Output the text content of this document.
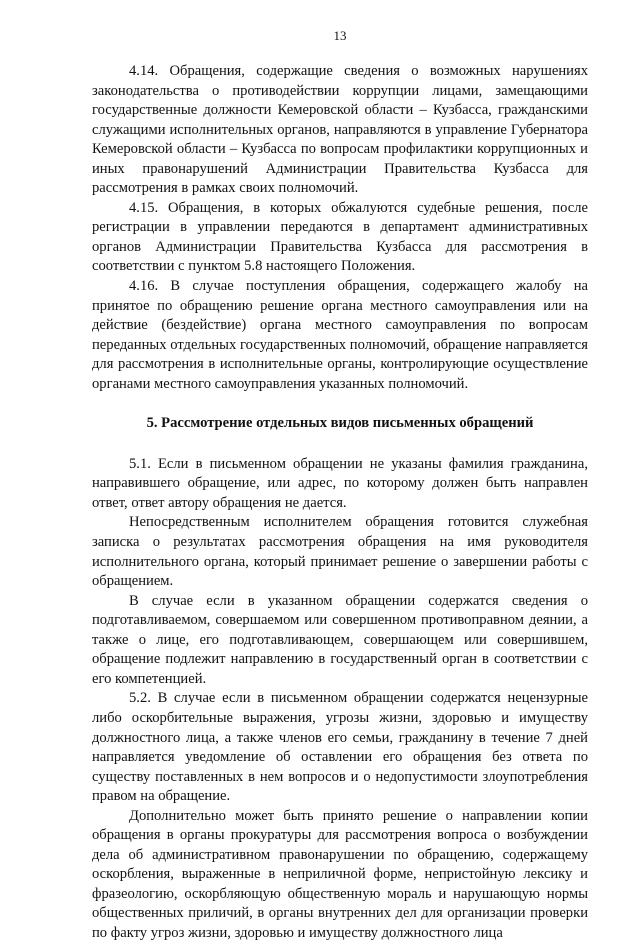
13

4.14. Обращения, содержащие сведения о возможных нарушениях законодательства о противодействии коррупции лицами, замещающими государственные должности Кемеровской области – Кузбасса, гражданскими служащими исполнительных органов, направляются в управление Губернатора Кемеровской области – Кузбасса по вопросам профилактики коррупционных и иных правонарушений Администрации Правительства Кузбасса для рассмотрения в рамках своих полномочий.

4.15. Обращения, в которых обжалуются судебные решения, после регистрации в управлении передаются в департамент административных органов Администрации Правительства Кузбасса для рассмотрения в соответствии с пунктом 5.8 настоящего Положения.

4.16. В случае поступления обращения, содержащего жалобу на принятое по обращению решение органа местного самоуправления или на действие (бездействие) органа местного самоуправления по вопросам переданных отдельных государственных полномочий, обращение направляется для рассмотрения в исполнительные органы, контролирующие осуществление органами местного самоуправления указанных полномочий.

5. Рассмотрение отдельных видов письменных обращений

5.1. Если в письменном обращении не указаны фамилия гражданина, направившего обращение, или адрес, по которому должен быть направлен ответ, ответ автору обращения не дается.

Непосредственным исполнителем обращения готовится служебная записка о результатах рассмотрения обращения на имя руководителя исполнительного органа, который принимает решение о завершении работы с обращением.

В случае если в указанном обращении содержатся сведения о подготавливаемом, совершаемом или совершенном противоправном деянии, а также о лице, его подготавливающем, совершающем или совершившем, обращение подлежит направлению в государственный орган в соответствии с его компетенцией.

5.2. В случае если в письменном обращении содержатся нецензурные либо оскорбительные выражения, угрозы жизни, здоровью и имуществу должностного лица, а также членов его семьи, гражданину в течение 7 дней направляется уведомление об оставлении его обращения без ответа по существу поставленных в нем вопросов и о недопустимости злоупотребления правом на обращение.

Дополнительно может быть принято решение о направлении копии обращения в органы прокуратуры для рассмотрения вопроса о возбуждении дела об административном правонарушении по обращению, содержащему оскорбления, выраженные в неприличной форме, непристойную лексику и фразеологию, оскорбляющую общественную мораль и нарушающую нормы общественных приличий, в органы внутренних дел для организации проверки по факту угроз жизни, здоровью и имуществу должностного лица
